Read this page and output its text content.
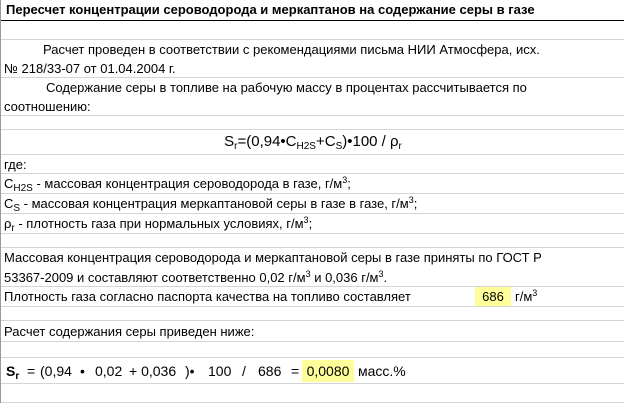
Пересчет концентрации сероводорода и меркаптанов на содержание серы в газе
Расчет проведен в соответствии с рекомендациями письма НИИ Атмосфера, исх.
№ 218/33-07 от 01.04.2004 г.
Содержание серы в топливе на рабочую массу в процентах рассчитывается по
соотношению:
$S_r=(0,94•C_{H2S}+C_S)•100 / \rho_r$
где:
$C_{H2S}$ - массовая концентрация сероводорода в газе, $г/м^3$;
$C_S$ - массовая концентрация меркаптановой серы в газе в газе, $г/м^3$;
$\rho_r$ - плотность газа при нормальных условиях, $г/м^3$;
Массовая концентрация сероводорода и меркаптановой серы в газе приняты по ГОСТ Р
53367-2009 и составляют соответственно 0,02 $г/м^3$ и 0,036 $г/м^3$.
Плотность газа согласно паспорта качества на топливо составляет	686 $г/м^3$
Расчет содержания серы приведен ниже:
$S_r = (0,94$ • 0,02 + 0,036 )• 100 / 686 = 0,0080 масс.%
